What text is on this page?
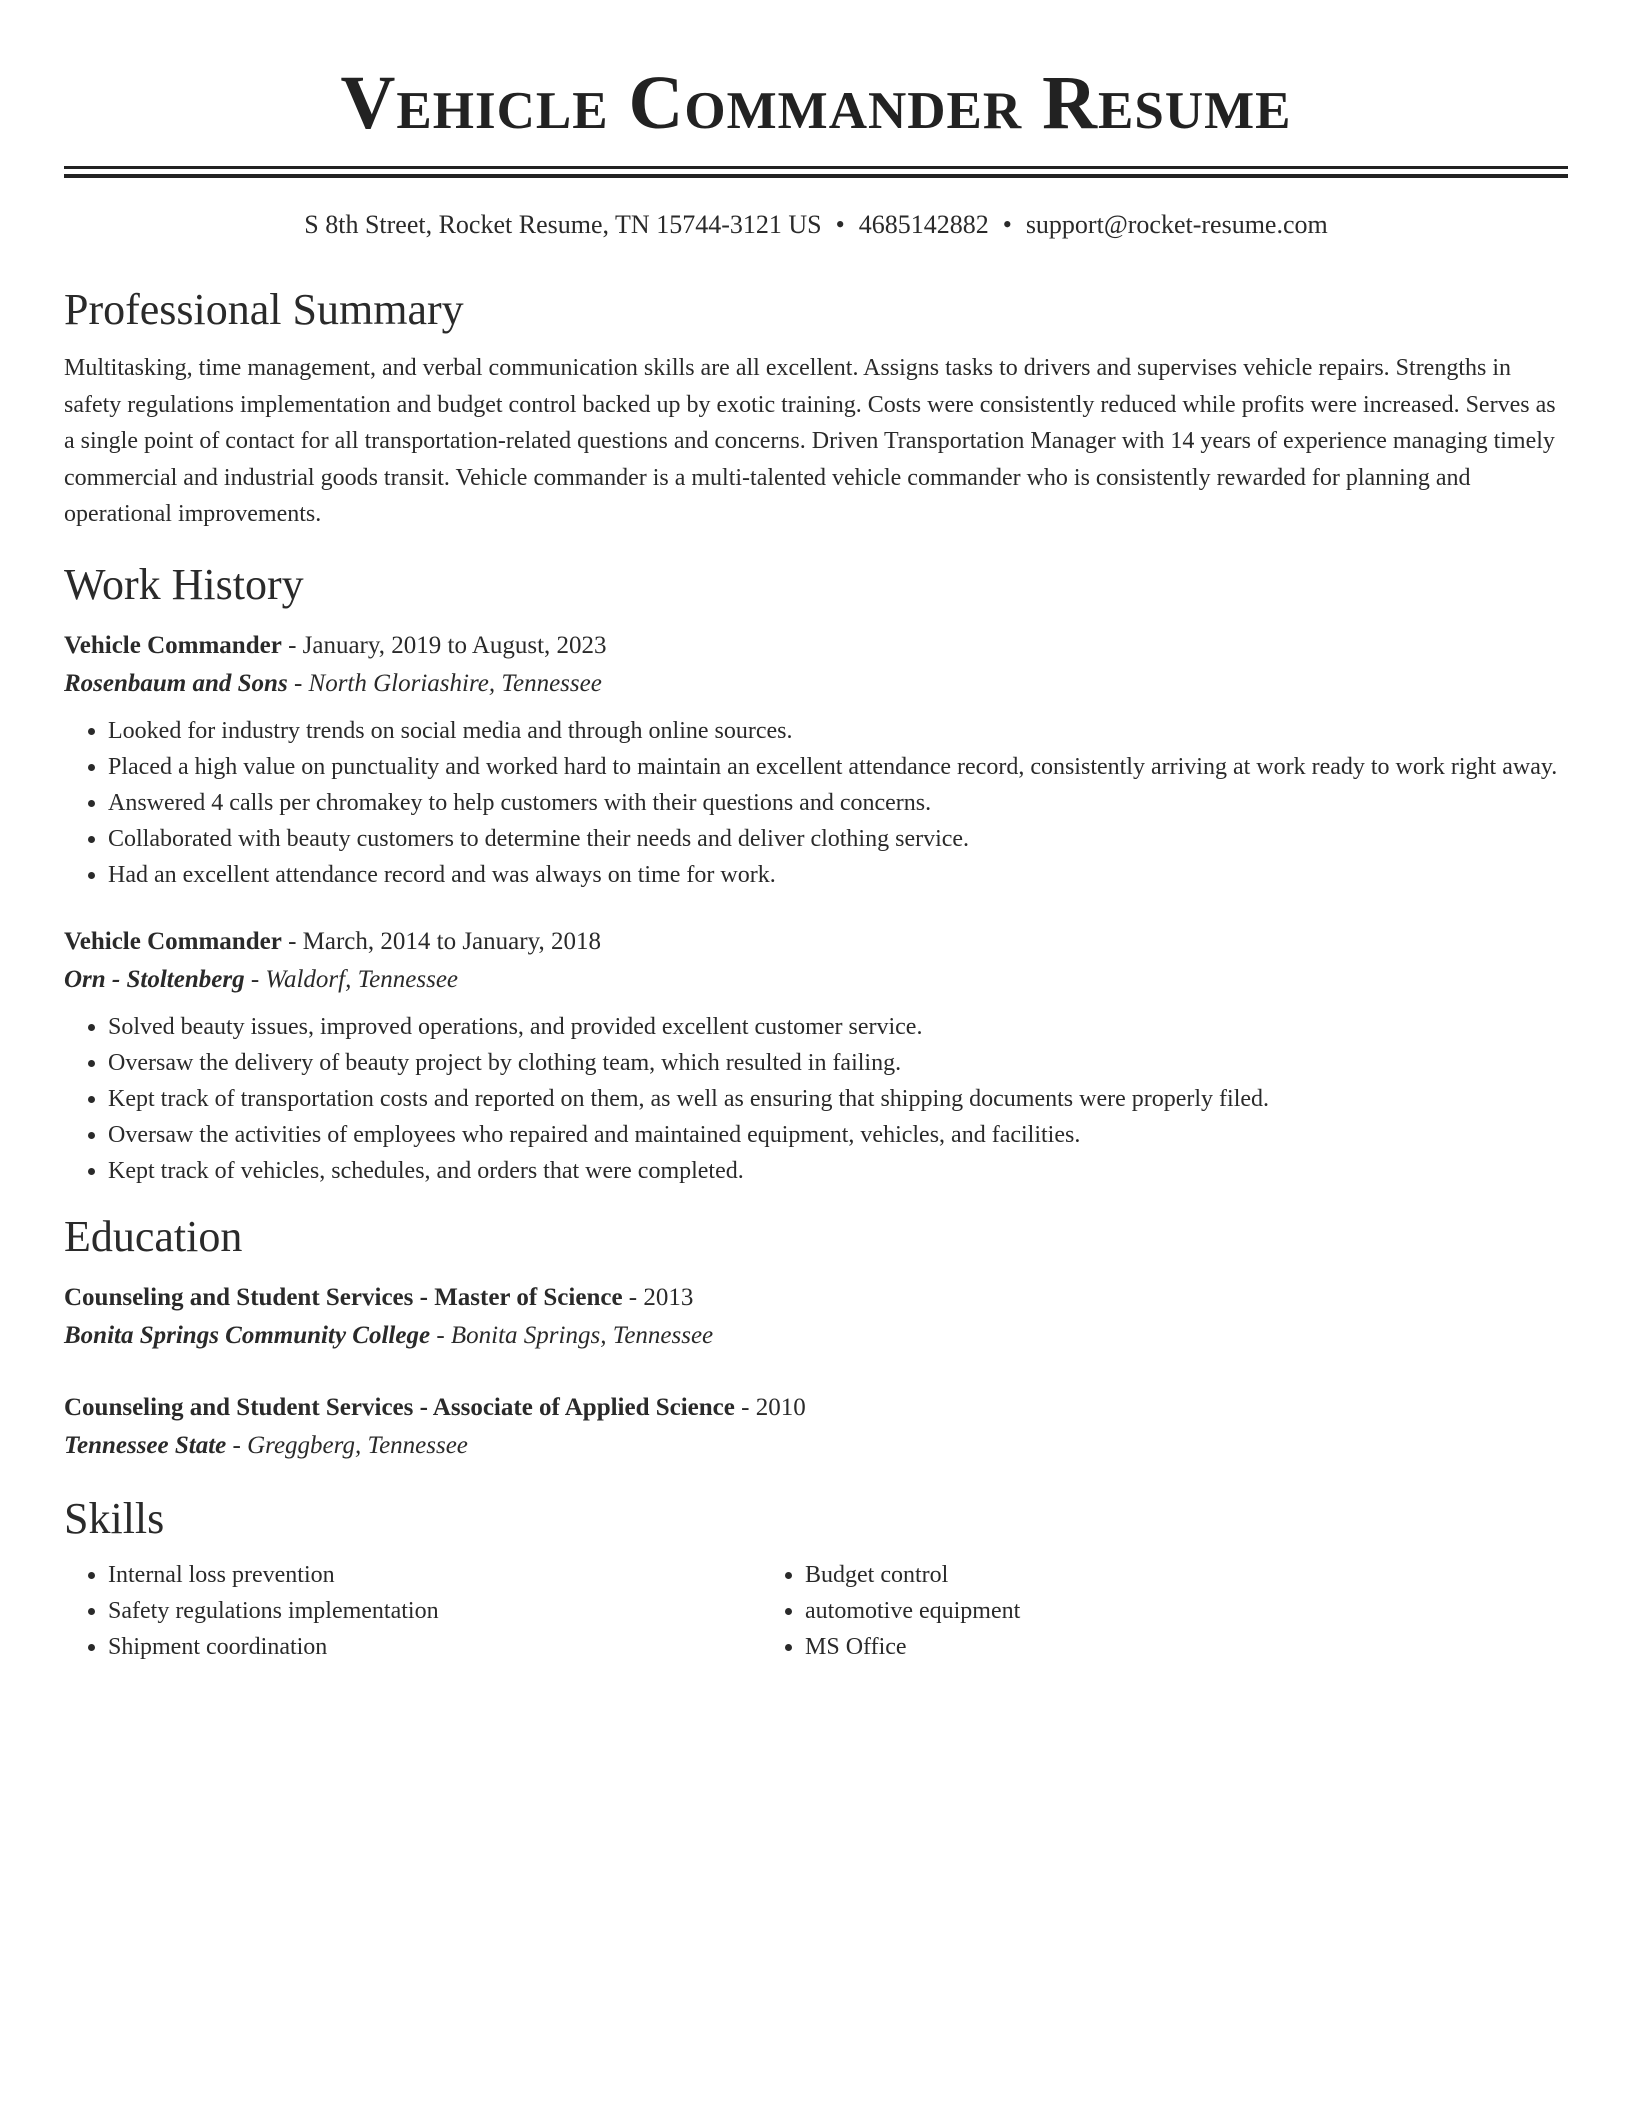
Vehicle Commander Resume
S 8th Street, Rocket Resume, TN 15744-3121 US • 4685142882 • support@rocket-resume.com
Professional Summary

Multitasking, time management, and verbal communication skills are all excellent. Assigns tasks to drivers and supervises vehicle repairs. Strengths in safety regulations implementation and budget control backed up by exotic training. Costs were consistently reduced while profits were increased. Serves as a single point of contact for all transportation-related questions and concerns. Driven Transportation Manager with 14 years of experience managing timely commercial and industrial goods transit. Vehicle commander is a multi-talented vehicle commander who is consistently rewarded for planning and operational improvements.

Work History
Vehicle Commander - January, 2019 to August, 2023
Rosenbaum and Sons - North Gloriashire, Tennessee
• Looked for industry trends on social media and through online sources.
• Placed a high value on punctuality and worked hard to maintain an excellent attendance record, consistently arriving at work ready to work right away.
• Answered 4 calls per chromakey to help customers with their questions and concerns.
• Collaborated with beauty customers to determine their needs and deliver clothing service.
• Had an excellent attendance record and was always on time for work.
Vehicle Commander - March, 2014 to January, 2018
Orn - Stoltenberg - Waldorf, Tennessee
• Solved beauty issues, improved operations, and provided excellent customer service.
• Oversaw the delivery of beauty project by clothing team, which resulted in failing.
• Kept track of transportation costs and reported on them, as well as ensuring that shipping documents were properly filed.
• Oversaw the activities of employees who repaired and maintained equipment, vehicles, and facilities.
• Kept track of vehicles, schedules, and orders that were completed.
Education
Counseling and Student Services - Master of Science - 2013
Bonita Springs Community College - Bonita Springs, Tennessee
Counseling and Student Services - Associate of Applied Science - 2010
Tennessee State - Greggberg, Tennessee
Skills
• Internal loss prevention
• Safety regulations implementation
• Shipment coordination
• Budget control
• automotive equipment
• MS Office
